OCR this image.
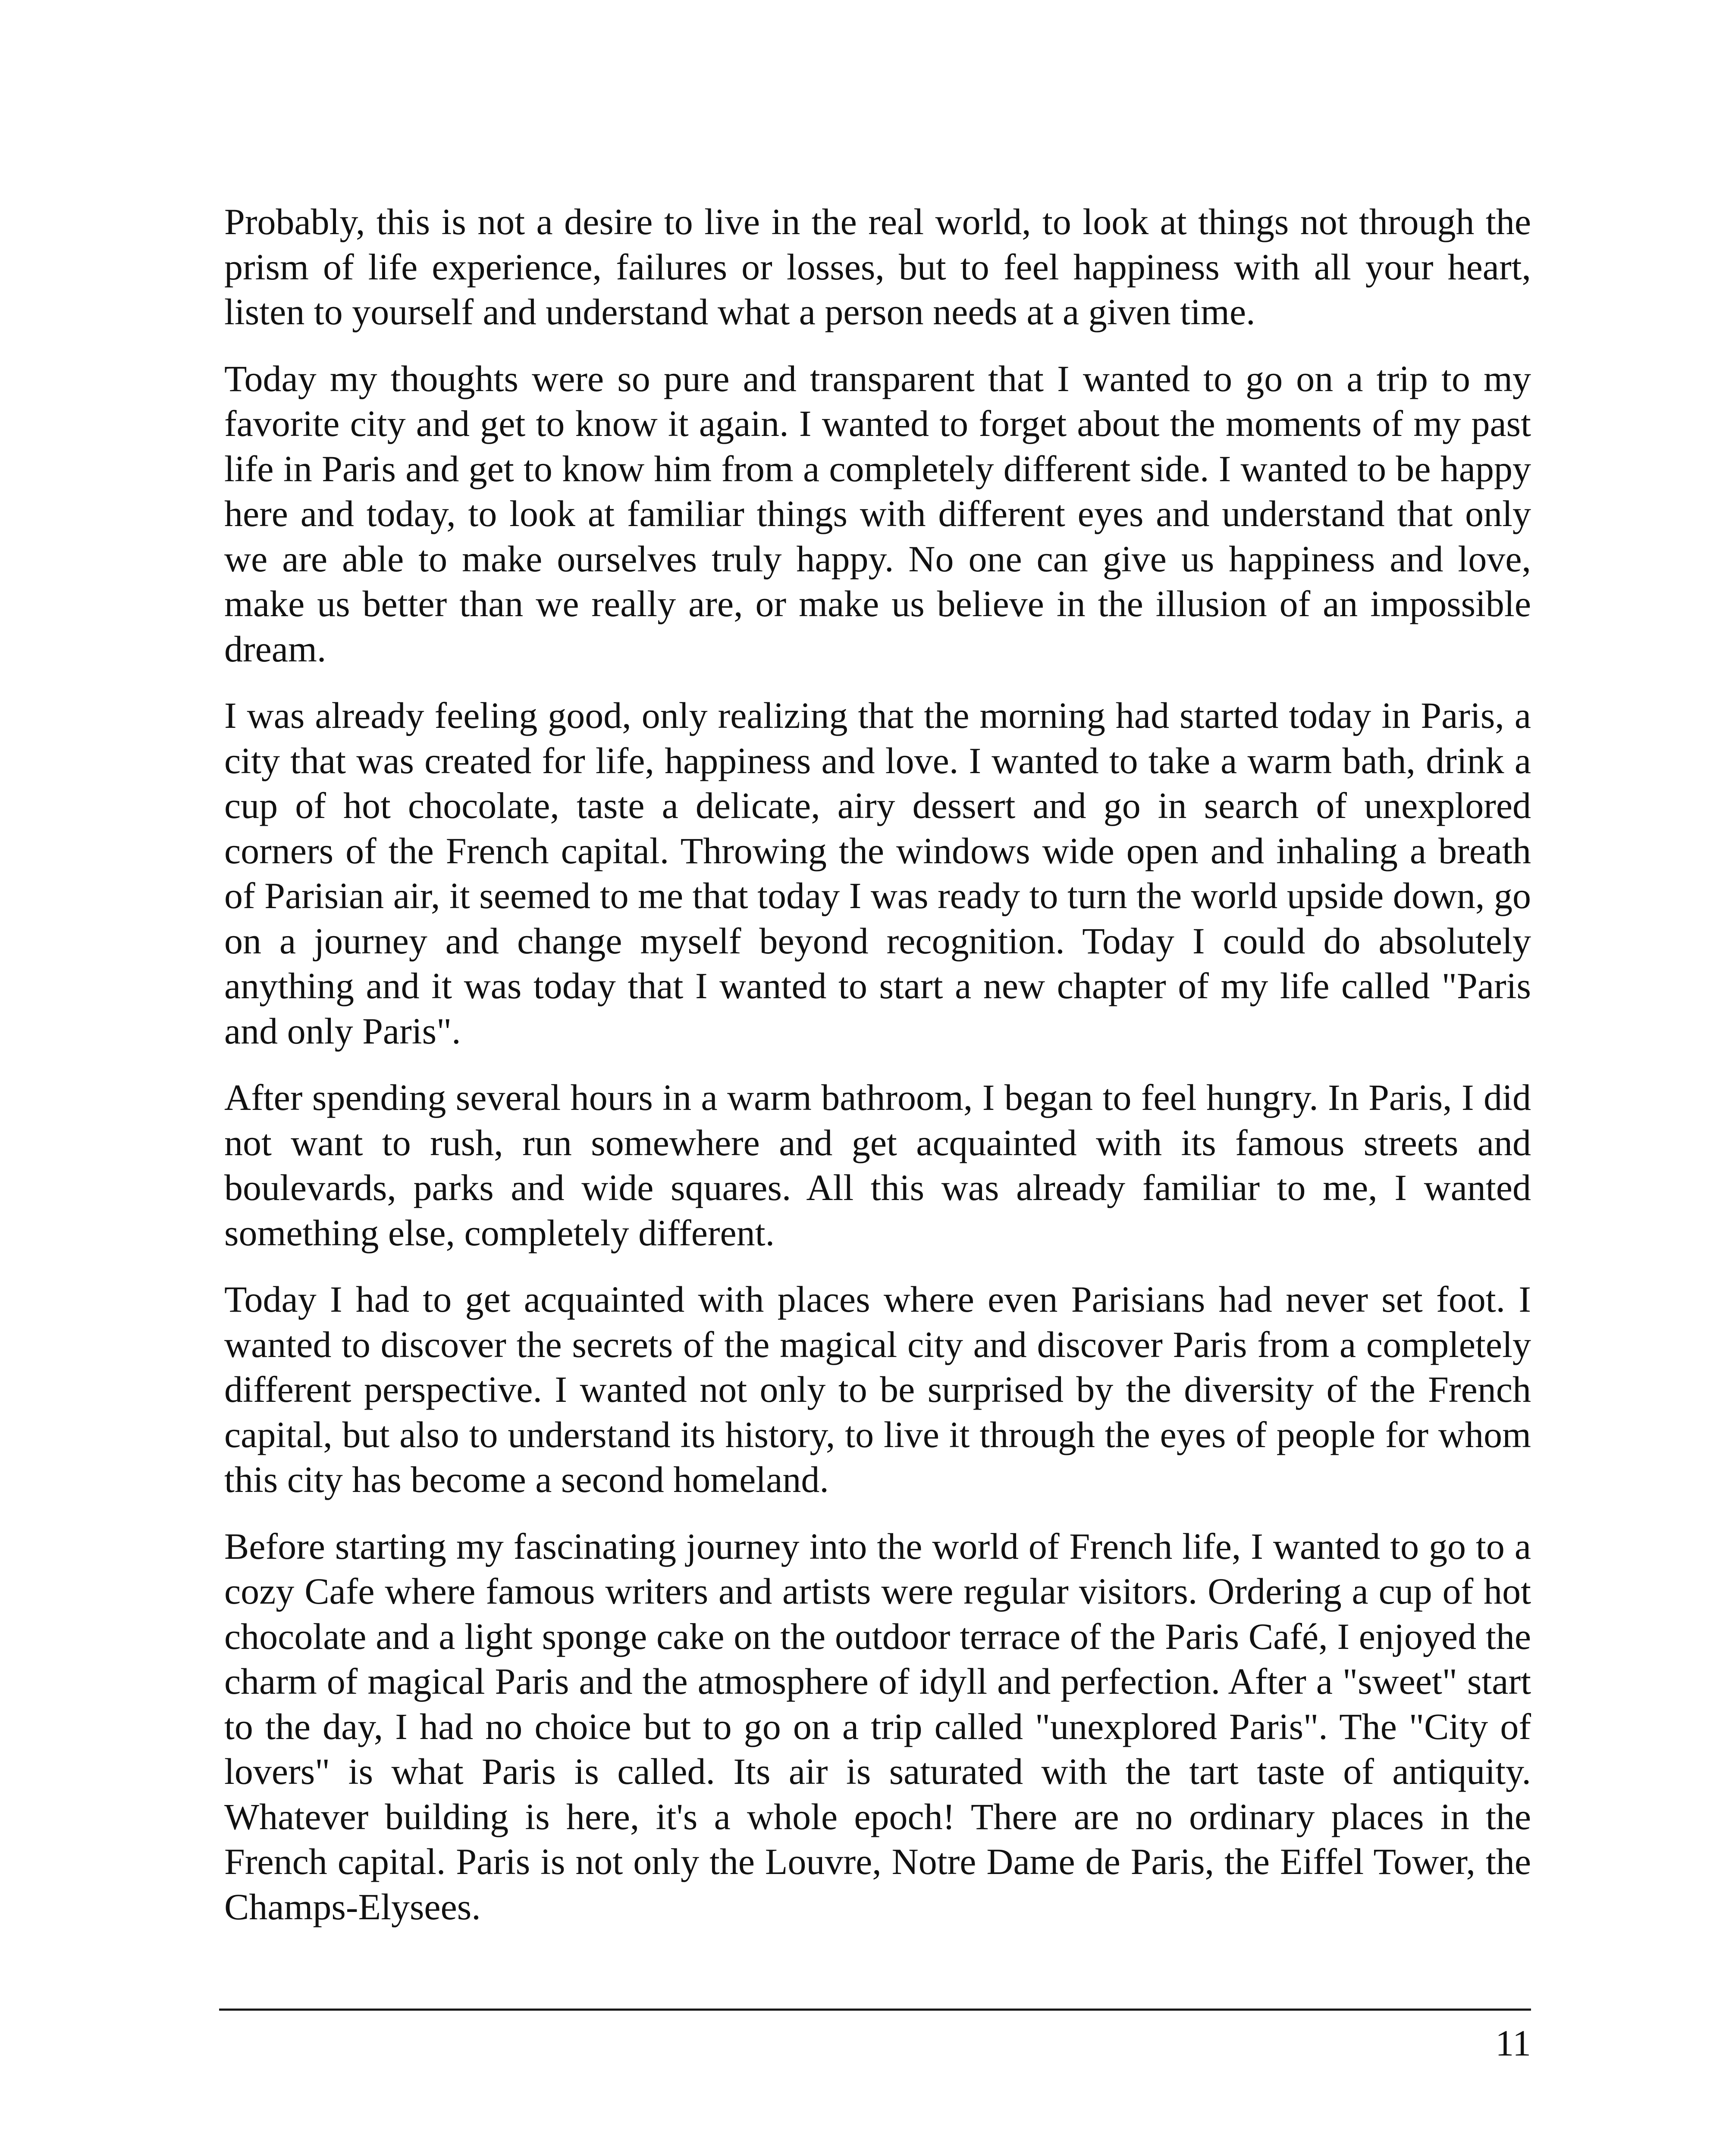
Probably, this is not a desire to live in the real world, to look at things not through the prism of life experience, failures or losses, but to feel happiness with all your heart, listen to yourself and understand what a person needs at a given time.

Today my thoughts were so pure and transparent that I wanted to go on a trip to my favorite city and get to know it again. I wanted to forget about the moments of my past life in Paris and get to know him from a completely different side. I wanted to be happy here and today, to look at familiar things with different eyes and understand that only we are able to make ourselves truly happy. No one can give us happiness and love, make us better than we really are, or make us believe in the illusion of an impossible dream.

I was already feeling good, only realizing that the morning had started today in Paris, a city that was created for life, happiness and love. I wanted to take a warm bath, drink a cup of hot chocolate, taste a delicate, airy dessert and go in search of unexplored corners of the French capital. Throwing the windows wide open and inhaling a breath of Parisian air, it seemed to me that today I was ready to turn the world upside down, go on a journey and change myself beyond recognition. Today I could do absolutely anything and it was today that I wanted to start a new chapter of my life called "Paris and only Paris".

After spending several hours in a warm bathroom, I began to feel hungry. In Paris, I did not want to rush, run somewhere and get acquainted with its famous streets and boulevards, parks and wide squares. All this was already familiar to me, I wanted something else, completely different.

Today I had to get acquainted with places where even Parisians had never set foot. I wanted to discover the secrets of the magical city and discover Paris from a completely different perspective. I wanted not only to be surprised by the diversity of the French capital, but also to understand its history, to live it through the eyes of people for whom this city has become a second homeland.

Before starting my fascinating journey into the world of French life, I wanted to go to a cozy Cafe where famous writers and artists were regular visitors. Ordering a cup of hot chocolate and a light sponge cake on the outdoor terrace of the Paris Café, I enjoyed the charm of magical Paris and the atmosphere of idyll and perfection. After a "sweet" start to the day, I had no choice but to go on a trip called "unexplored Paris". The "City of lovers" is what Paris is called. Its air is saturated with the tart taste of antiquity. Whatever building is here, it's a whole epoch! There are no ordinary places in the French capital. Paris is not only the Louvre, Notre Dame de Paris, the Eiffel Tower, the Champs-Elysees.

11
